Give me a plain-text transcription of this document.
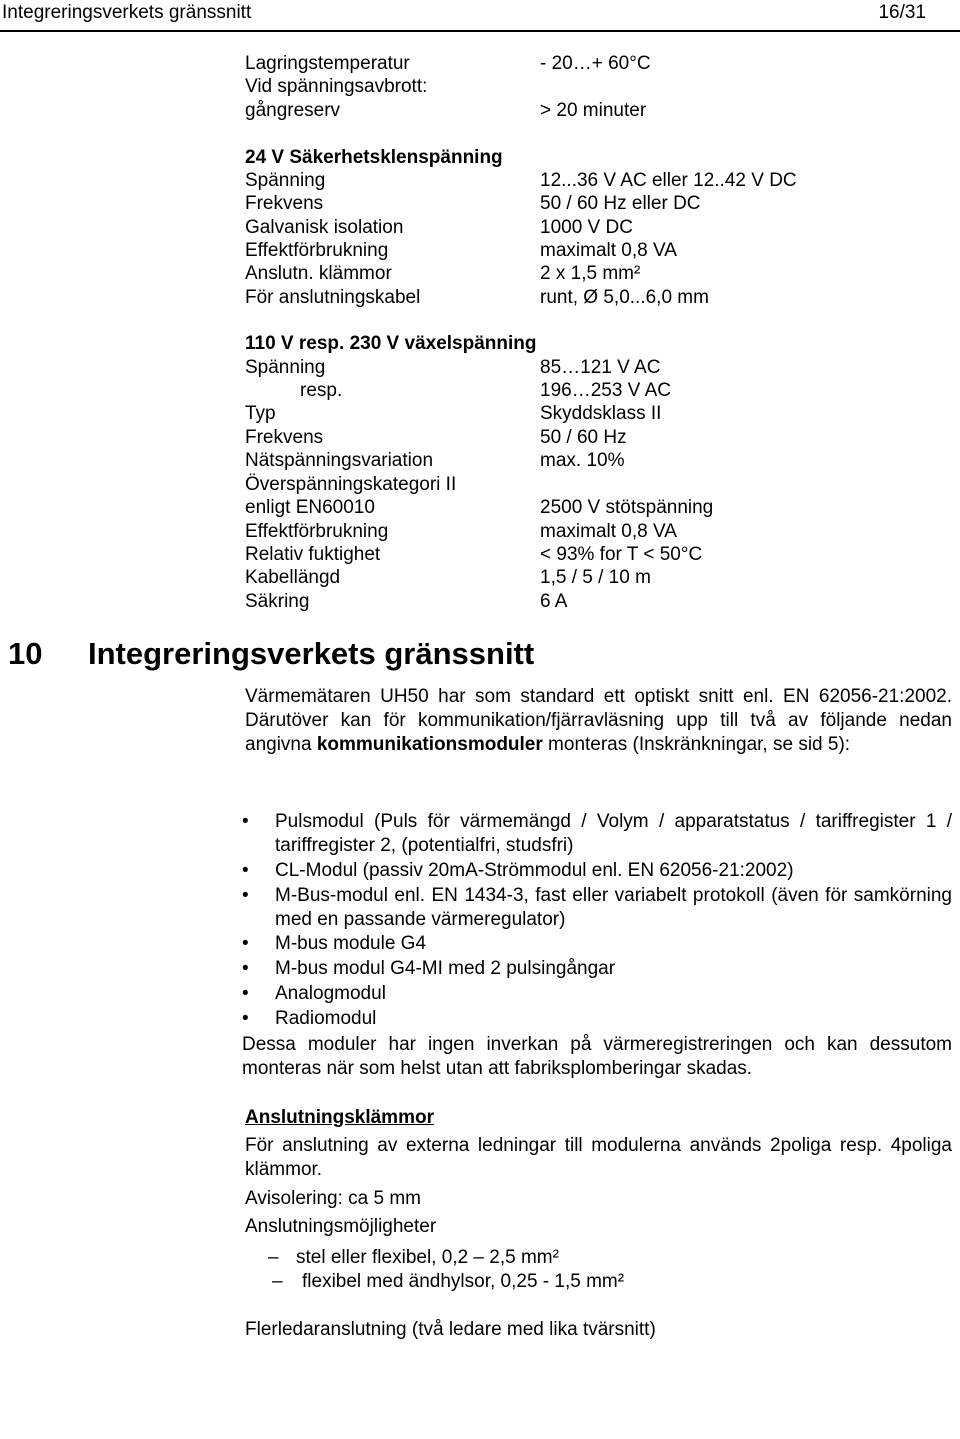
Integreringsverkets gränssnitt	16/31
Lagringstemperatur	- 20…+ 60°C
Vid spänningsavbrott:
gångreserv	> 20 minuter
24 V Säkerhetsklenspänning
Spänning	12...36 V AC eller 12..42 V DC
Frekvens	50 / 60 Hz eller DC
Galvanisk isolation	1000 V DC
Effektförbrukning	maximalt 0,8 VA
Anslutn. klämmor	2 x 1,5 mm²
För anslutningskabel	runt, Ø 5,0...6,0 mm
110 V resp. 230 V växelspänning
Spänning	85…121 V AC
resp.	196…253 V AC
Typ	Skyddsklass II
Frekvens	50 / 60 Hz
Nätspänningsvariation	max. 10%
Överspänningskategori II
enligt EN60010	2500 V stötspänning
Effektförbrukning	maximalt 0,8 VA
Relativ fuktighet	< 93% for T < 50°C
Kabellängd	1,5 / 5 / 10 m
Säkring	6 A
10 Integreringsverkets gränssnitt
Värmemätaren UH50 har som standard ett optiskt snitt enl. EN 62056-21:2002. Därutöver kan för kommunikation/fjärravläsning upp till två av följande nedan angivna kommunikationsmoduler monteras (Inskränkningar, se sid 5):
• Pulsmodul (Puls för värmemängd / Volym / apparatstatus / tariffregister 1 / tariffregister 2, (potentialfri, studsfri)
• CL-Modul (passiv 20mA-Strömmodul enl. EN 62056-21:2002)
• M-Bus-modul enl. EN 1434-3, fast eller variabelt protokoll (även för samkörning med en passande värmeregulator)
• M-bus module G4
• M-bus modul G4-MI med 2 pulsingångar
• Analogmodul
• Radiomodul
Dessa moduler har ingen inverkan på värmeregistreringen och kan dessutom monteras när som helst utan att fabriksplomberingar skadas.
Anslutningsklämmor
För anslutning av externa ledningar till modulerna används 2poliga resp. 4poliga klämmor.
Avisolering: ca 5 mm
Anslutningsmöjligheter
– stel eller flexibel, 0,2 – 2,5 mm²
– flexibel med ändhylsor, 0,25 - 1,5 mm²
Flerledaranslutning (två ledare med lika tvärsnitt)
